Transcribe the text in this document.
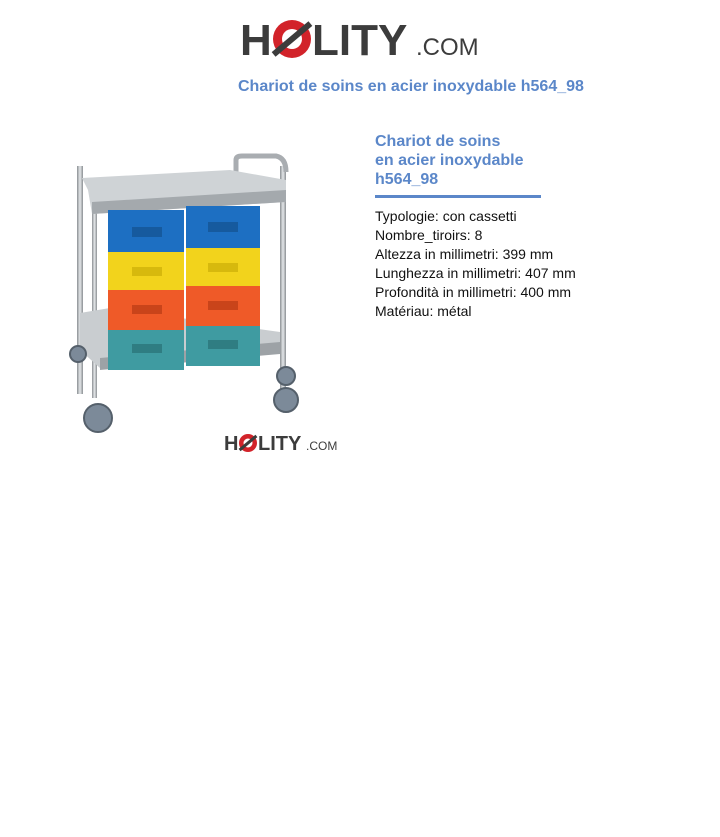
H LITY .COM
Chariot de soins en acier inoxydable h564_98
H LITY .COM
Chariot de soins
en acier inoxydable
h564_98

Typologie: con cassetti

Nombre_tiroirs: 8

Altezza in millimetri: 399 mm

Lunghezza in millimetri: 407 mm

Profondità in millimetri: 400 mm

Matériau: métal
